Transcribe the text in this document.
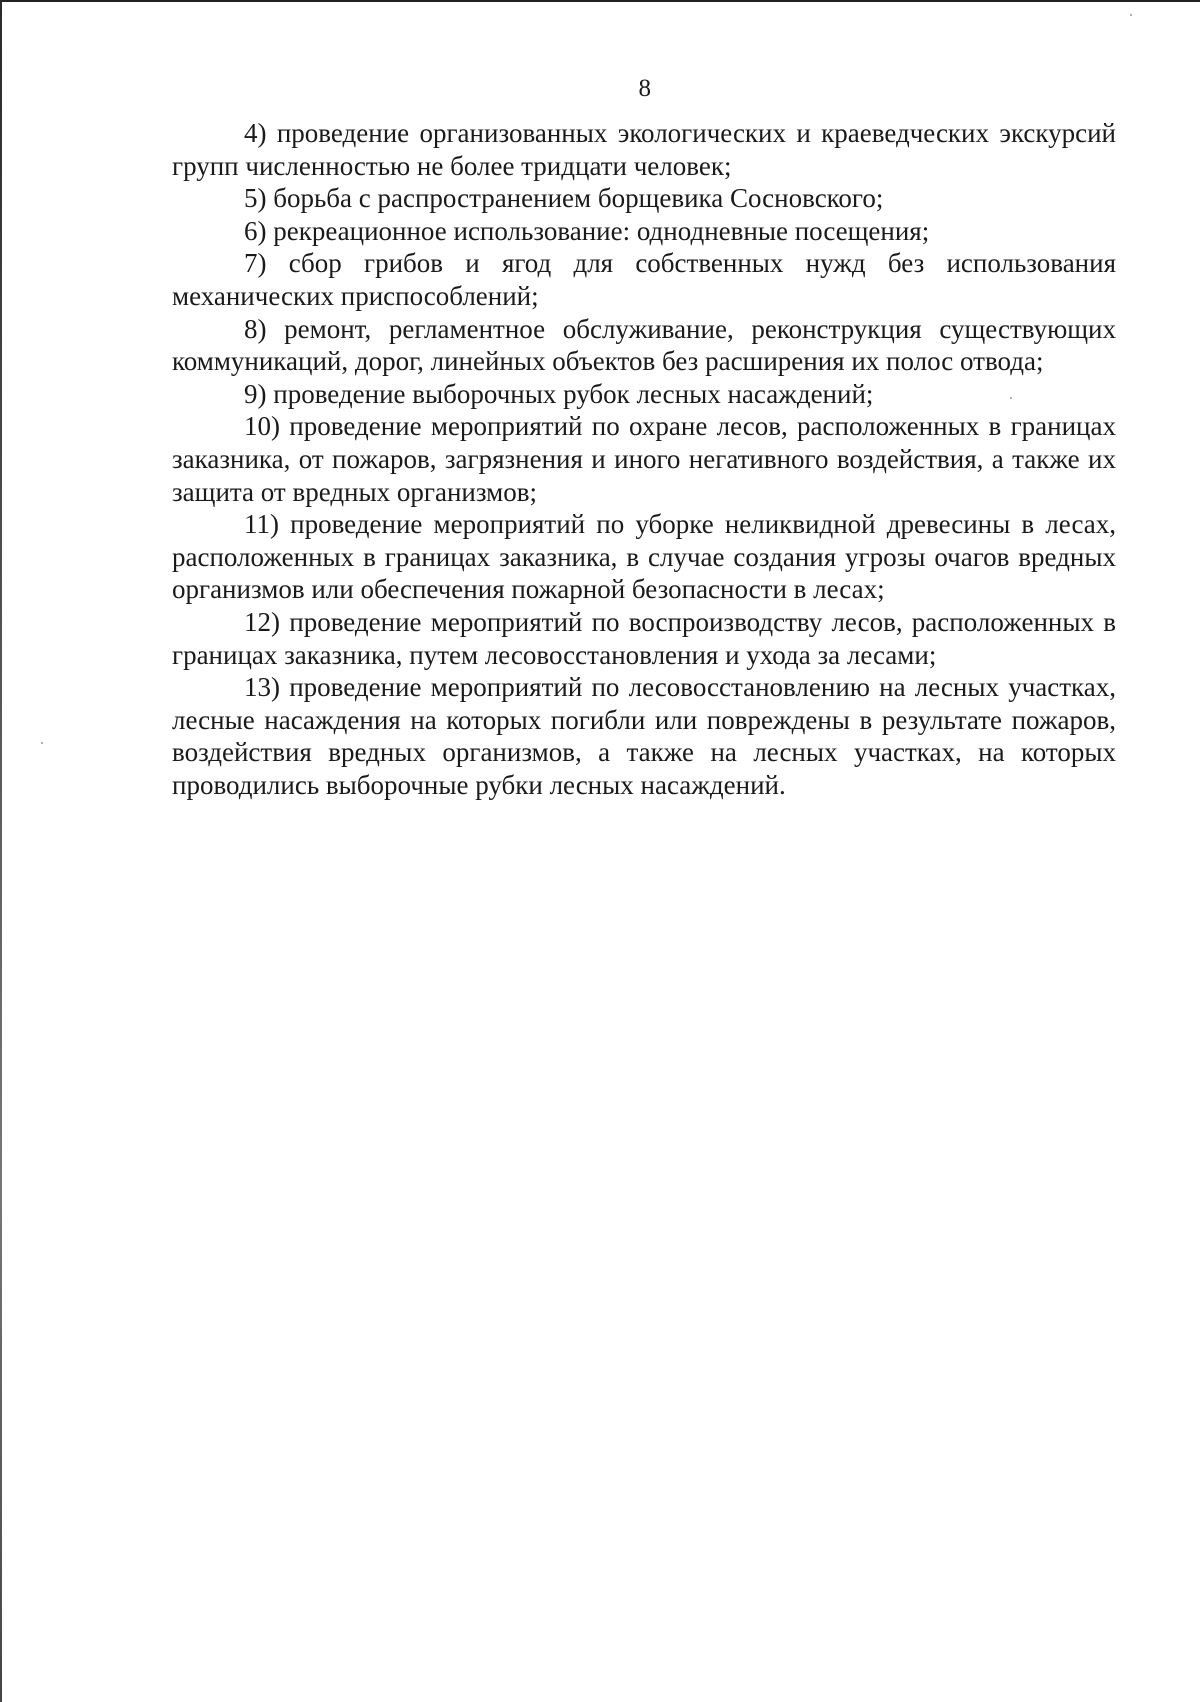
8

4) проведение организованных экологических и краеведческих экскурсий групп численностью не более тридцати человек;

5) борьба с распространением борщевика Сосновского;

6) рекреационное использование: однодневные посещения;

7) сбор грибов и ягод для собственных нужд без использования механических приспособлений;

8) ремонт, регламентное обслуживание, реконструкция существующих коммуникаций, дорог, линейных объектов без расширения их полос отвода;

9) проведение выборочных рубок лесных насаждений;

10) проведение мероприятий по охране лесов, расположенных в границах заказника, от пожаров, загрязнения и иного негативного воздействия, а также их защита от вредных организмов;

11) проведение мероприятий по уборке неликвидной древесины в лесах, расположенных в границах заказника, в случае создания угрозы очагов вредных организмов или обеспечения пожарной безопасности в лесах;

12) проведение мероприятий по воспроизводству лесов, расположенных в границах заказника, путем лесовосстановления и ухода за лесами;

13) проведение мероприятий по лесовосстановлению на лесных участках, лесные насаждения на которых погибли или повреждены в результате пожаров, воздействия вредных организмов, а также на лесных участках, на которых проводились выборочные рубки лесных насаждений.
